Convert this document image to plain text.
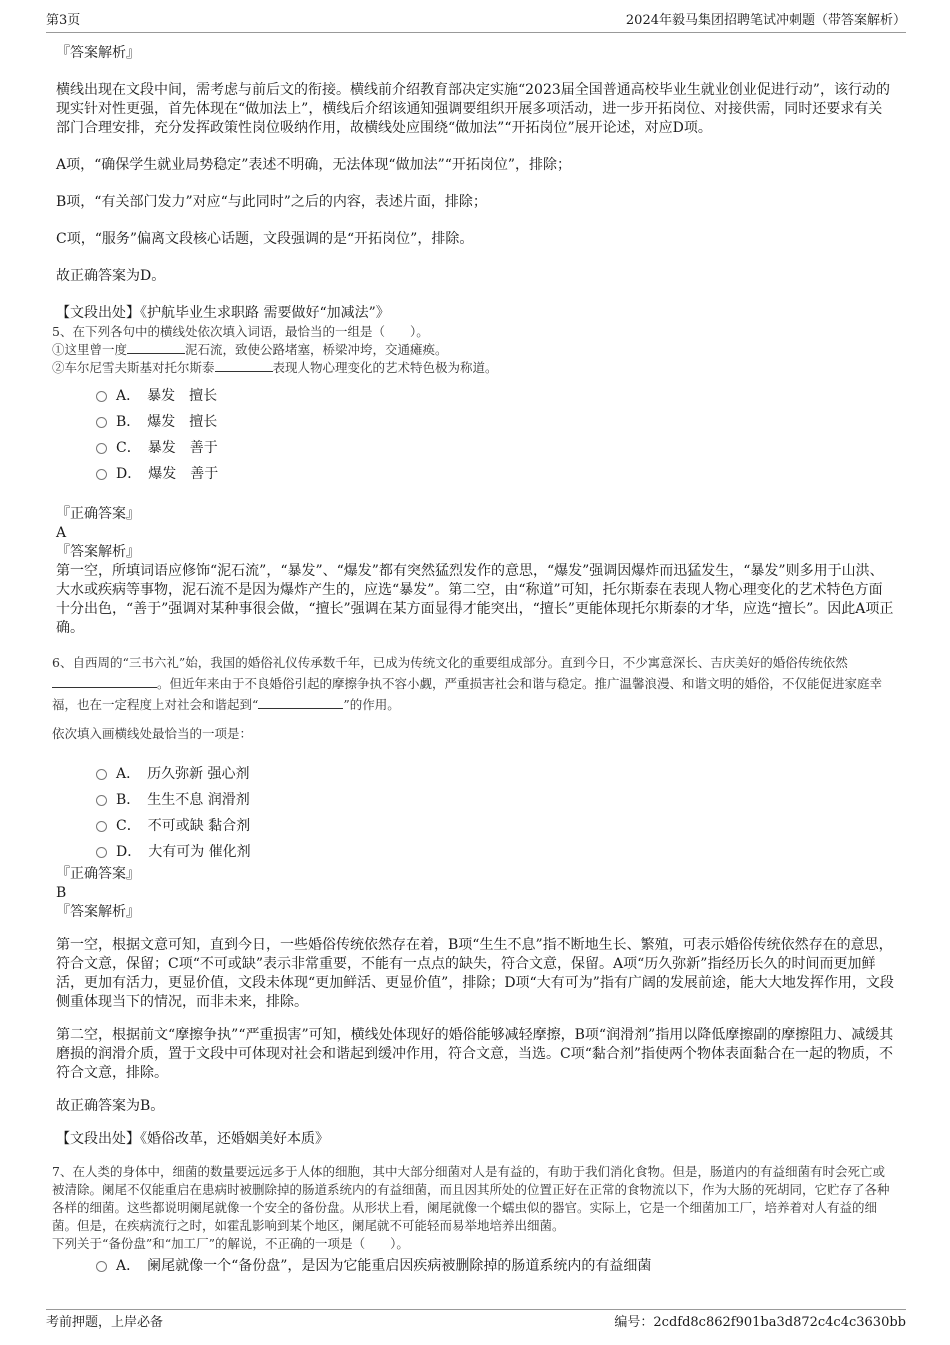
第3页	2024年毅马集团招聘笔试冲刺题（带答案解析）

『答案解析』

横线出现在文段中间，需考虑与前后文的衔接。横线前介绍教育部决定实施“2023届全国普通高校毕业生就业创业促进行动”，该行动的现实针对性更强，首先体现在“做加法上”，横线后介绍该通知强调要组织开展多项活动，进一步开拓岗位、对接供需，同时还要求有关部门合理安排，充分发挥政策性岗位吸纳作用，故横线处应围绕“做加法”“开拓岗位”展开论述，对应D项。

A项，“确保学生就业局势稳定”表述不明确，无法体现“做加法”“开拓岗位”，排除；

B项，“有关部门发力”对应“与此同时”之后的内容，表述片面，排除；

C项，“服务”偏离文段核心话题，文段强调的是“开拓岗位”，排除。

故正确答案为D。

【文段出处】《护航毕业生求职路 需要做好“加减法”》

5、在下列各句中的横线处依次填入词语，最恰当的一组是（　　）。

①这里曾一度	泥石流，致使公路堵塞，桥梁冲垮，交通瘫痪。

②车尔尼雪夫斯基对托尔斯泰	表现人物心理变化的艺术特色极为称道。

A．　暴发　擅长

B．　爆发　擅长

C．　暴发　善于

D．　爆发　善于

『正确答案』

A

『答案解析』

第一空，所填词语应修饰“泥石流”，“暴发”、“爆发”都有突然猛烈发作的意思，“爆发”强调因爆炸而迅猛发生，“暴发”则多用于山洪、大水或疾病等事物，泥石流不是因为爆炸产生的，应选“暴发”。第二空，由“称道”可知，托尔斯泰在表现人物心理变化的艺术特色方面十分出色，“善于”强调对某种事很会做，“擅长”强调在某方面显得才能突出，“擅长”更能体现托尔斯泰的才华，应选“擅长”。因此A项正确。

6、自西周的“三书六礼”始，我国的婚俗礼仪传承数千年，已成为传统文化的重要组成部分。直到今日，不少寓意深长、吉庆美好的婚俗传统依然。但近年来由于不良婚俗引起的摩擦争执不容小觑，严重损害社会和谐与稳定。推广温馨浪漫、和谐文明的婚俗，不仅能促进家庭幸福，也在一定程度上对社会和谐起到“	”的作用。

依次填入画横线处最恰当的一项是：

A．　历久弥新 强心剂

B．　生生不息 润滑剂

C．　不可或缺 黏合剂

D．　大有可为 催化剂

『正确答案』

B

『答案解析』

第一空，根据文意可知，直到今日，一些婚俗传统依然存在着，B项“生生不息”指不断地生长、繁殖，可表示婚俗传统依然存在的意思，符合文意，保留；C项“不可或缺”表示非常重要，不能有一点点的缺失，符合文意，保留。A项“历久弥新”指经历长久的时间而更加鲜活，更加有活力，更显价值，文段未体现“更加鲜活、更显价值”，排除；D项“大有可为”指有广阔的发展前途，能大大地发挥作用，文段侧重体现当下的情况，而非未来，排除。

第二空，根据前文“摩擦争执”“严重损害”可知，横线处体现好的婚俗能够减轻摩擦，B项“润滑剂”指用以降低摩擦副的摩擦阻力、减缓其磨损的润滑介质，置于文段中可体现对社会和谐起到缓冲作用，符合文意，当选。C项“黏合剂”指使两个物体表面黏合在一起的物质，不符合文意，排除。

故正确答案为B。

【文段出处】《婚俗改革，还婚姻美好本质》

7、在人类的身体中，细菌的数量要远远多于人体的细胞，其中大部分细菌对人是有益的，有助于我们消化食物。但是，肠道内的有益细菌有时会死亡或被清除。阑尾不仅能重启在患病时被删除掉的肠道系统内的有益细菌，而且因其所处的位置正好在正常的食物流以下，作为大肠的死胡同，它贮存了各种各样的细菌。这些都说明阑尾就像一个安全的备份盘。从形状上看，阑尾就像一个蠕虫似的器官。实际上，它是一个细菌加工厂，培养着对人有益的细菌。但是，在疾病流行之时，如霍乱影响到某个地区，阑尾就不可能轻而易举地培养出细菌。

下列关于“备份盘”和“加工厂”的解说，不正确的一项是（　　）。

A．　阑尾就像一个“备份盘”，是因为它能重启因疾病被删除掉的肠道系统内的有益细菌

考前押题，上岸必备	编号：2cdfd8c862f901ba3d872c4c4c3630bb
